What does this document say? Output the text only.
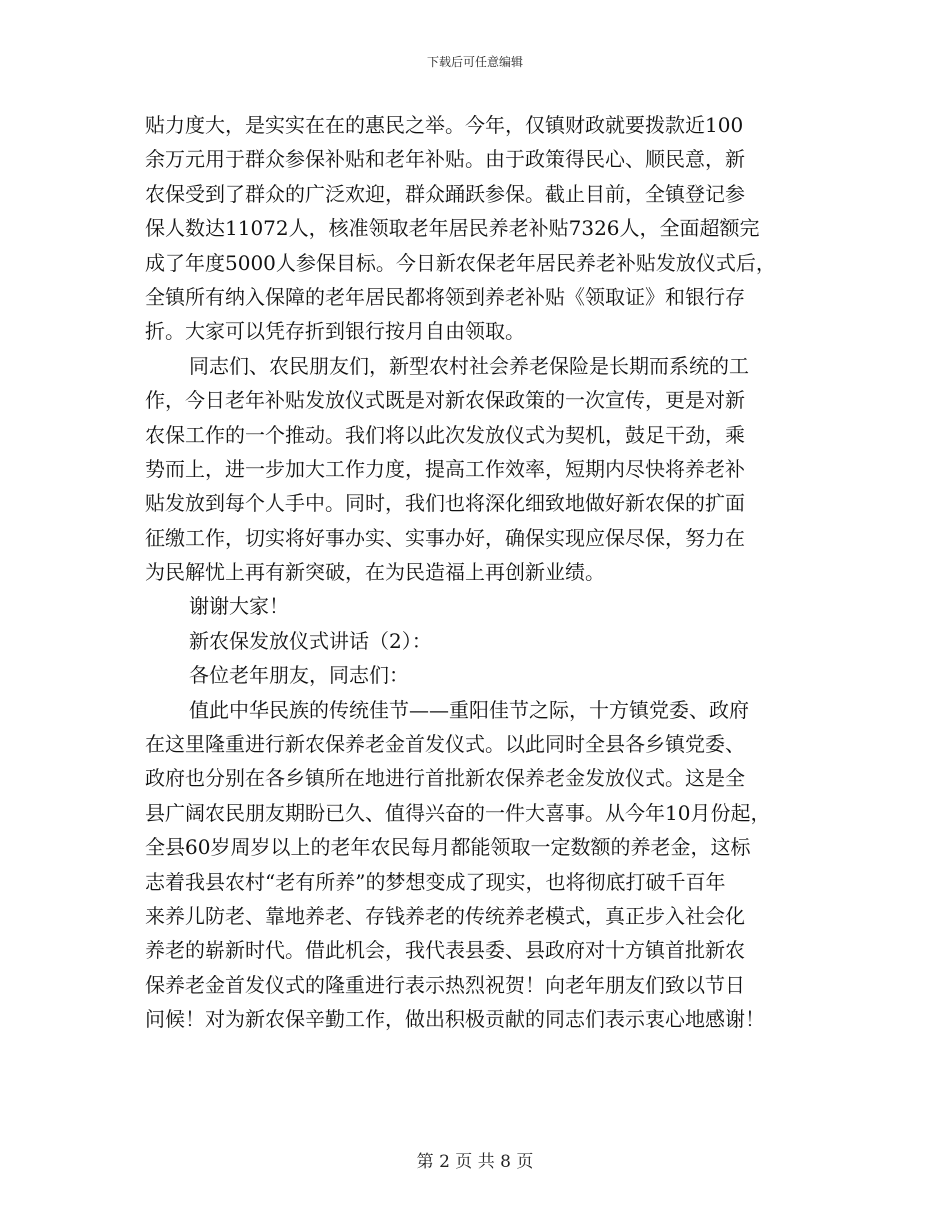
下载后可任意编辑
贴力度大，是实实在在的惠民之举。今年，仅镇财政就要拨款近100
余万元用于群众参保补贴和老年补贴。由于政策得民心、顺民意，新
农保受到了群众的广泛欢迎，群众踊跃参保。截止目前，全镇登记参
保人数达11072人，核准领取老年居民养老补贴7326人，全面超额完
成了年度5000人参保目标。今日新农保老年居民养老补贴发放仪式后，
全镇所有纳入保障的老年居民都将领到养老补贴《领取证》和银行存
折。大家可以凭存折到银行按月自由领取。
同志们、农民朋友们，新型农村社会养老保险是长期而系统的工
作，今日老年补贴发放仪式既是对新农保政策的一次宣传，更是对新
农保工作的一个推动。我们将以此次发放仪式为契机，鼓足干劲，乘
势而上，进一步加大工作力度，提高工作效率，短期内尽快将养老补
贴发放到每个人手中。同时，我们也将深化细致地做好新农保的扩面
征缴工作，切实将好事办实、实事办好，确保实现应保尽保，努力在
为民解忧上再有新突破，在为民造福上再创新业绩。
谢谢大家！
新农保发放仪式讲话（2）：
各位老年朋友，同志们：
值此中华民族的传统佳节——重阳佳节之际，十方镇党委、政府
在这里隆重进行新农保养老金首发仪式。以此同时全县各乡镇党委、
政府也分别在各乡镇所在地进行首批新农保养老金发放仪式。这是全
县广阔农民朋友期盼已久、值得兴奋的一件大喜事。从今年10月份起，
全县60岁周岁以上的老年农民每月都能领取一定数额的养老金，这标
志着我县农村“老有所养”的梦想变成了现实，也将彻底打破千百年
来养儿防老、靠地养老、存钱养老的传统养老模式，真正步入社会化
养老的崭新时代。借此机会，我代表县委、县政府对十方镇首批新农
保养老金首发仪式的隆重进行表示热烈祝贺！向老年朋友们致以节日
问候！对为新农保辛勤工作，做出积极贡献的同志们表示衷心地感谢！
第 2 页 共 8 页
